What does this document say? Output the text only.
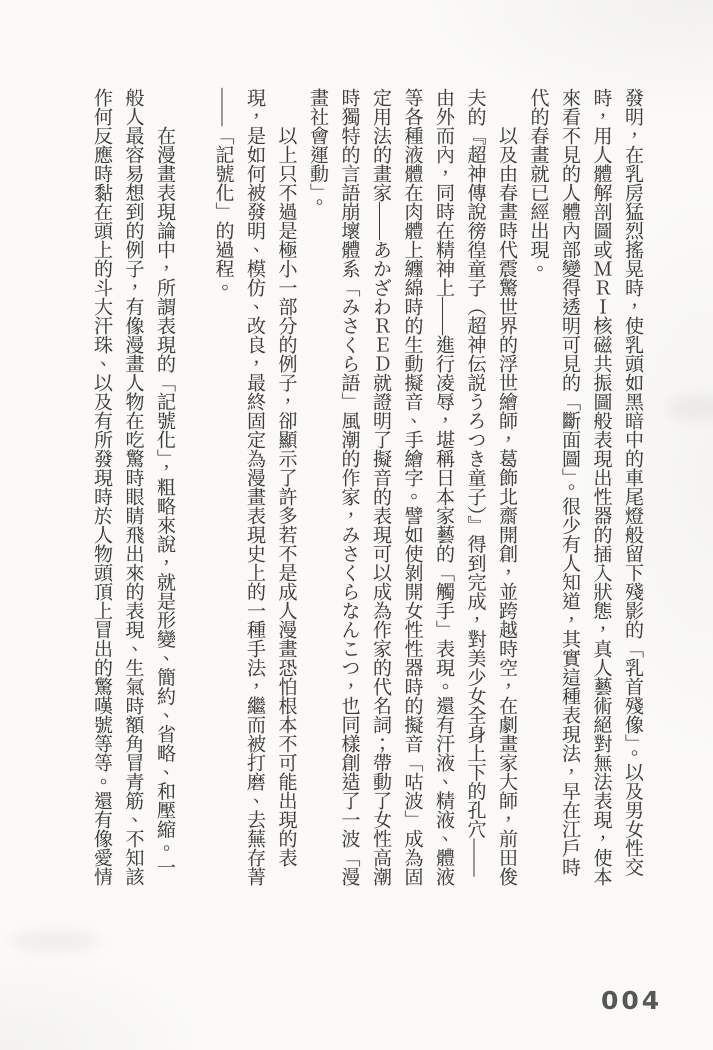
發明，在乳房猛烈搖晃時，使乳頭如黑暗中的車尾燈般留下殘影的「乳首殘像」。以及男女性交時，用人體解剖圖或ＭＲＩ核磁共振圖般表現出性器的插入狀態，真人藝術絕對無法表現，使本來看不見的人體內部變得透明可見的「斷面圖」。很少有人知道，其實這種表現法，早在江戶時代的春畫就已經出現。

以及由春畫時代震驚世界的浮世繪師，葛飾北齋開創，並跨越時空，在劇畫家大師，前田俊夫的『超神傳說徬徨童子（超神伝説うろつき童子）』得到完成，對美少女全身上下的孔穴——由外而內，同時在精神上——進行凌辱，堪稱日本家藝的「觸手」表現。還有汗液、精液、體液等各種液體在肉體上纏綿時的生動擬音、手繪字。譬如使剝開女性性器時的擬音「咕波」成為固定用法的畫家——あかざわＲＥＤ就證明了擬音的表現可以成為作家的代名詞；帶動了女性高潮時獨特的言語崩壞體系「みさくら語」風潮的作家，みさくらなんこつ，也同樣創造了一波「漫畫社會運動」。

以上只不過是極小一部分的例子，卻顯示了許多若不是成人漫畫恐怕根本不可能出現的表現，是如何被發明、模仿、改良，最終固定為漫畫表現史上的一種手法，繼而被打磨、去蕪存菁——「記號化」的過程。

在漫畫表現論中，所謂表現的「記號化」，粗略來說，就是形變、簡約、省略、和壓縮。一般人最容易想到的例子，有像漫畫人物在吃驚時眼睛飛出來的表現、生氣時額角冒青筋、不知該作何反應時黏在頭上的斗大汗珠、以及有所發現時於人物頭頂上冒出的驚嘆號等等。還有像愛情

004
